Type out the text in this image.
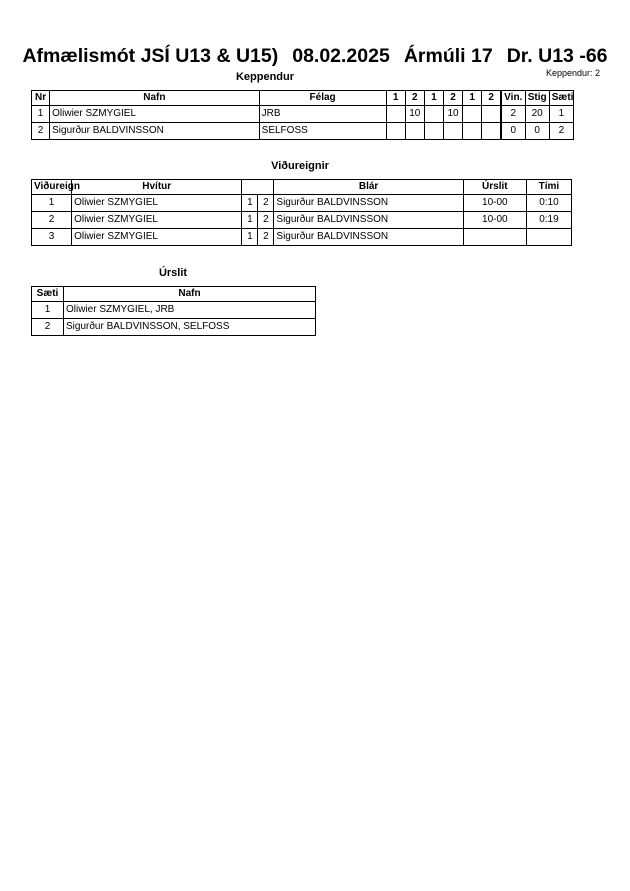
Afmælismót JSÍ U13 & U15) 08.02.2025 Ármúli 17 Dr. U13 -66
Keppendur	Keppendur: 2
Nr	Nafn	Félag	1	2	1	2	1	2	Vin.	Stig	Sæti
1	Oliwier SZMYGIEL	JRB		10		10			2	20	1
2	Sigurður BALDVINSSON	SELFOSS							0	0	2
Viðureignir
Viðureign	Hvítur			Blár	Úrslit	Tími
1	Oliwier SZMYGIEL	1	2	Sigurður BALDVINSSON	10-00	0:10
2	Oliwier SZMYGIEL	1	2	Sigurður BALDVINSSON	10-00	0:19
3	Oliwier SZMYGIEL	1	2	Sigurður BALDVINSSON		
Úrslit
Sæti	Nafn
1	Oliwier SZMYGIEL, JRB
2	Sigurður BALDVINSSON, SELFOSS
